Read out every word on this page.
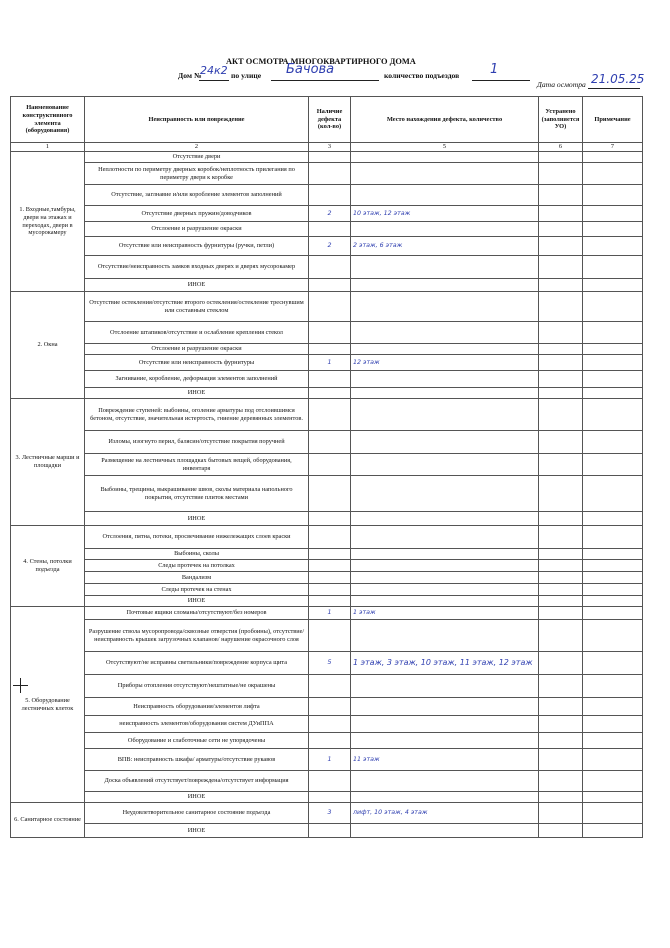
АКТ ОСМОТРА МНОГОКВАРТИРНОГО ДОМА
Дом №
24к2 по улице Бачова	количество подъездов 1
Дата осмотра 21.05.25
Наименование конструктивного элемента (оборудования)	Неисправность или повреждение	Наличие дефекта (кол-во)	Место нахождения дефекта, количество	Устранено (заполняется УО)	Примечание
1	2	3	5	6	7
1. Входные,тамбуры, двери на этажах и переходах, двери в мусорокамеру	Отсутствие двери				
	Неплотности по периметру дверных коробок/неплотность прилегания по периметру двери к коробке				
	Отсутствие, заглнавие и/или коробление элементов заполнений				
	Отсутствие дверных пружин/доводчиков	2	10 этаж, 12 этаж		
	Отслоение и разрушение окраски				
	Отсутствие или неисправность фурнитуры (ручки, петли)	2	2 этаж, 6 этаж		
	Отсутствие/неисправность замков входных дверях и дверях мусорокамер				
	ИНОЕ				
2. Окна	Отсутствие остекления/отсутствие второго остекления/остекление треснувшим или составным стеклом				
	Отслоение штапиков/отсутствие и ослабление крепления стекол				
	Отслоение и разрушение окраски				
	Отсутствие или неисправность фурнитуры	1	12 этаж		
	Загнивание, коробление, деформация элементов заполнений				
	ИНОЕ				
3. Лестничные марши и площадки	Повреждение ступеней: выбоины, оголение арматуры под отслоившимся бетоном, отсутствие, значительная истертость, гниение деревянных элементов.				
	Изломы, изогнуто перил, балясин/отсутствие покрытия поручней				
	Размещение на лестничных площадках бытовых вещей, оборудования, инвентаря				
	Выбоины, трещины, выкрашивание швов, сколы материала напольного покрытия, отсутствие плиток местами				
	ИНОЕ				
4. Стены, потолки подъезда	Отслоения, пятна, потеки, просвечивание нижележащих слоев краски				
	Выбоины, сколы				
	Следы протечек на потолках				
	Вандализм				
	Следы протечек на стенах				
	ИНОЕ				
5. Оборудование лестничных клеток	Почтовые ящики сломаны/отсутствуют/без номеров	1	1 этаж		
	Разрушение ствола мусоропровода/сквозные отверстия (пробоины), отсутствие/неисправность крышек загрузочных клапанов/ нарушение окрасочного слоя				
	Отсутствуют/не исправны светильники/повреждение корпуса щита	5	1 этаж, 3 этаж, 10 этаж, 11 этаж, 12 этаж		
	Приборы отопления отсутствуют/нештатные/не окрашены				
	Неисправность оборудования/элементов лифта				
	неисправность элементов/оборудования систем ДУиППА				
	Оборудование и слаботочные сети не упорядочены				
	ВПВ: неисправность шкафа/ арматуры/отсутствие рукавов	1	11 этаж		
	Доска объявлений отсутствует/повреждена/отсутствует информация				
	ИНОЕ				
6. Санитарное состояние	Неудовлетворительное санитарное состояние подъезда	3	лифт, 10 этаж, 4 этаж		
	ИНОЕ				
